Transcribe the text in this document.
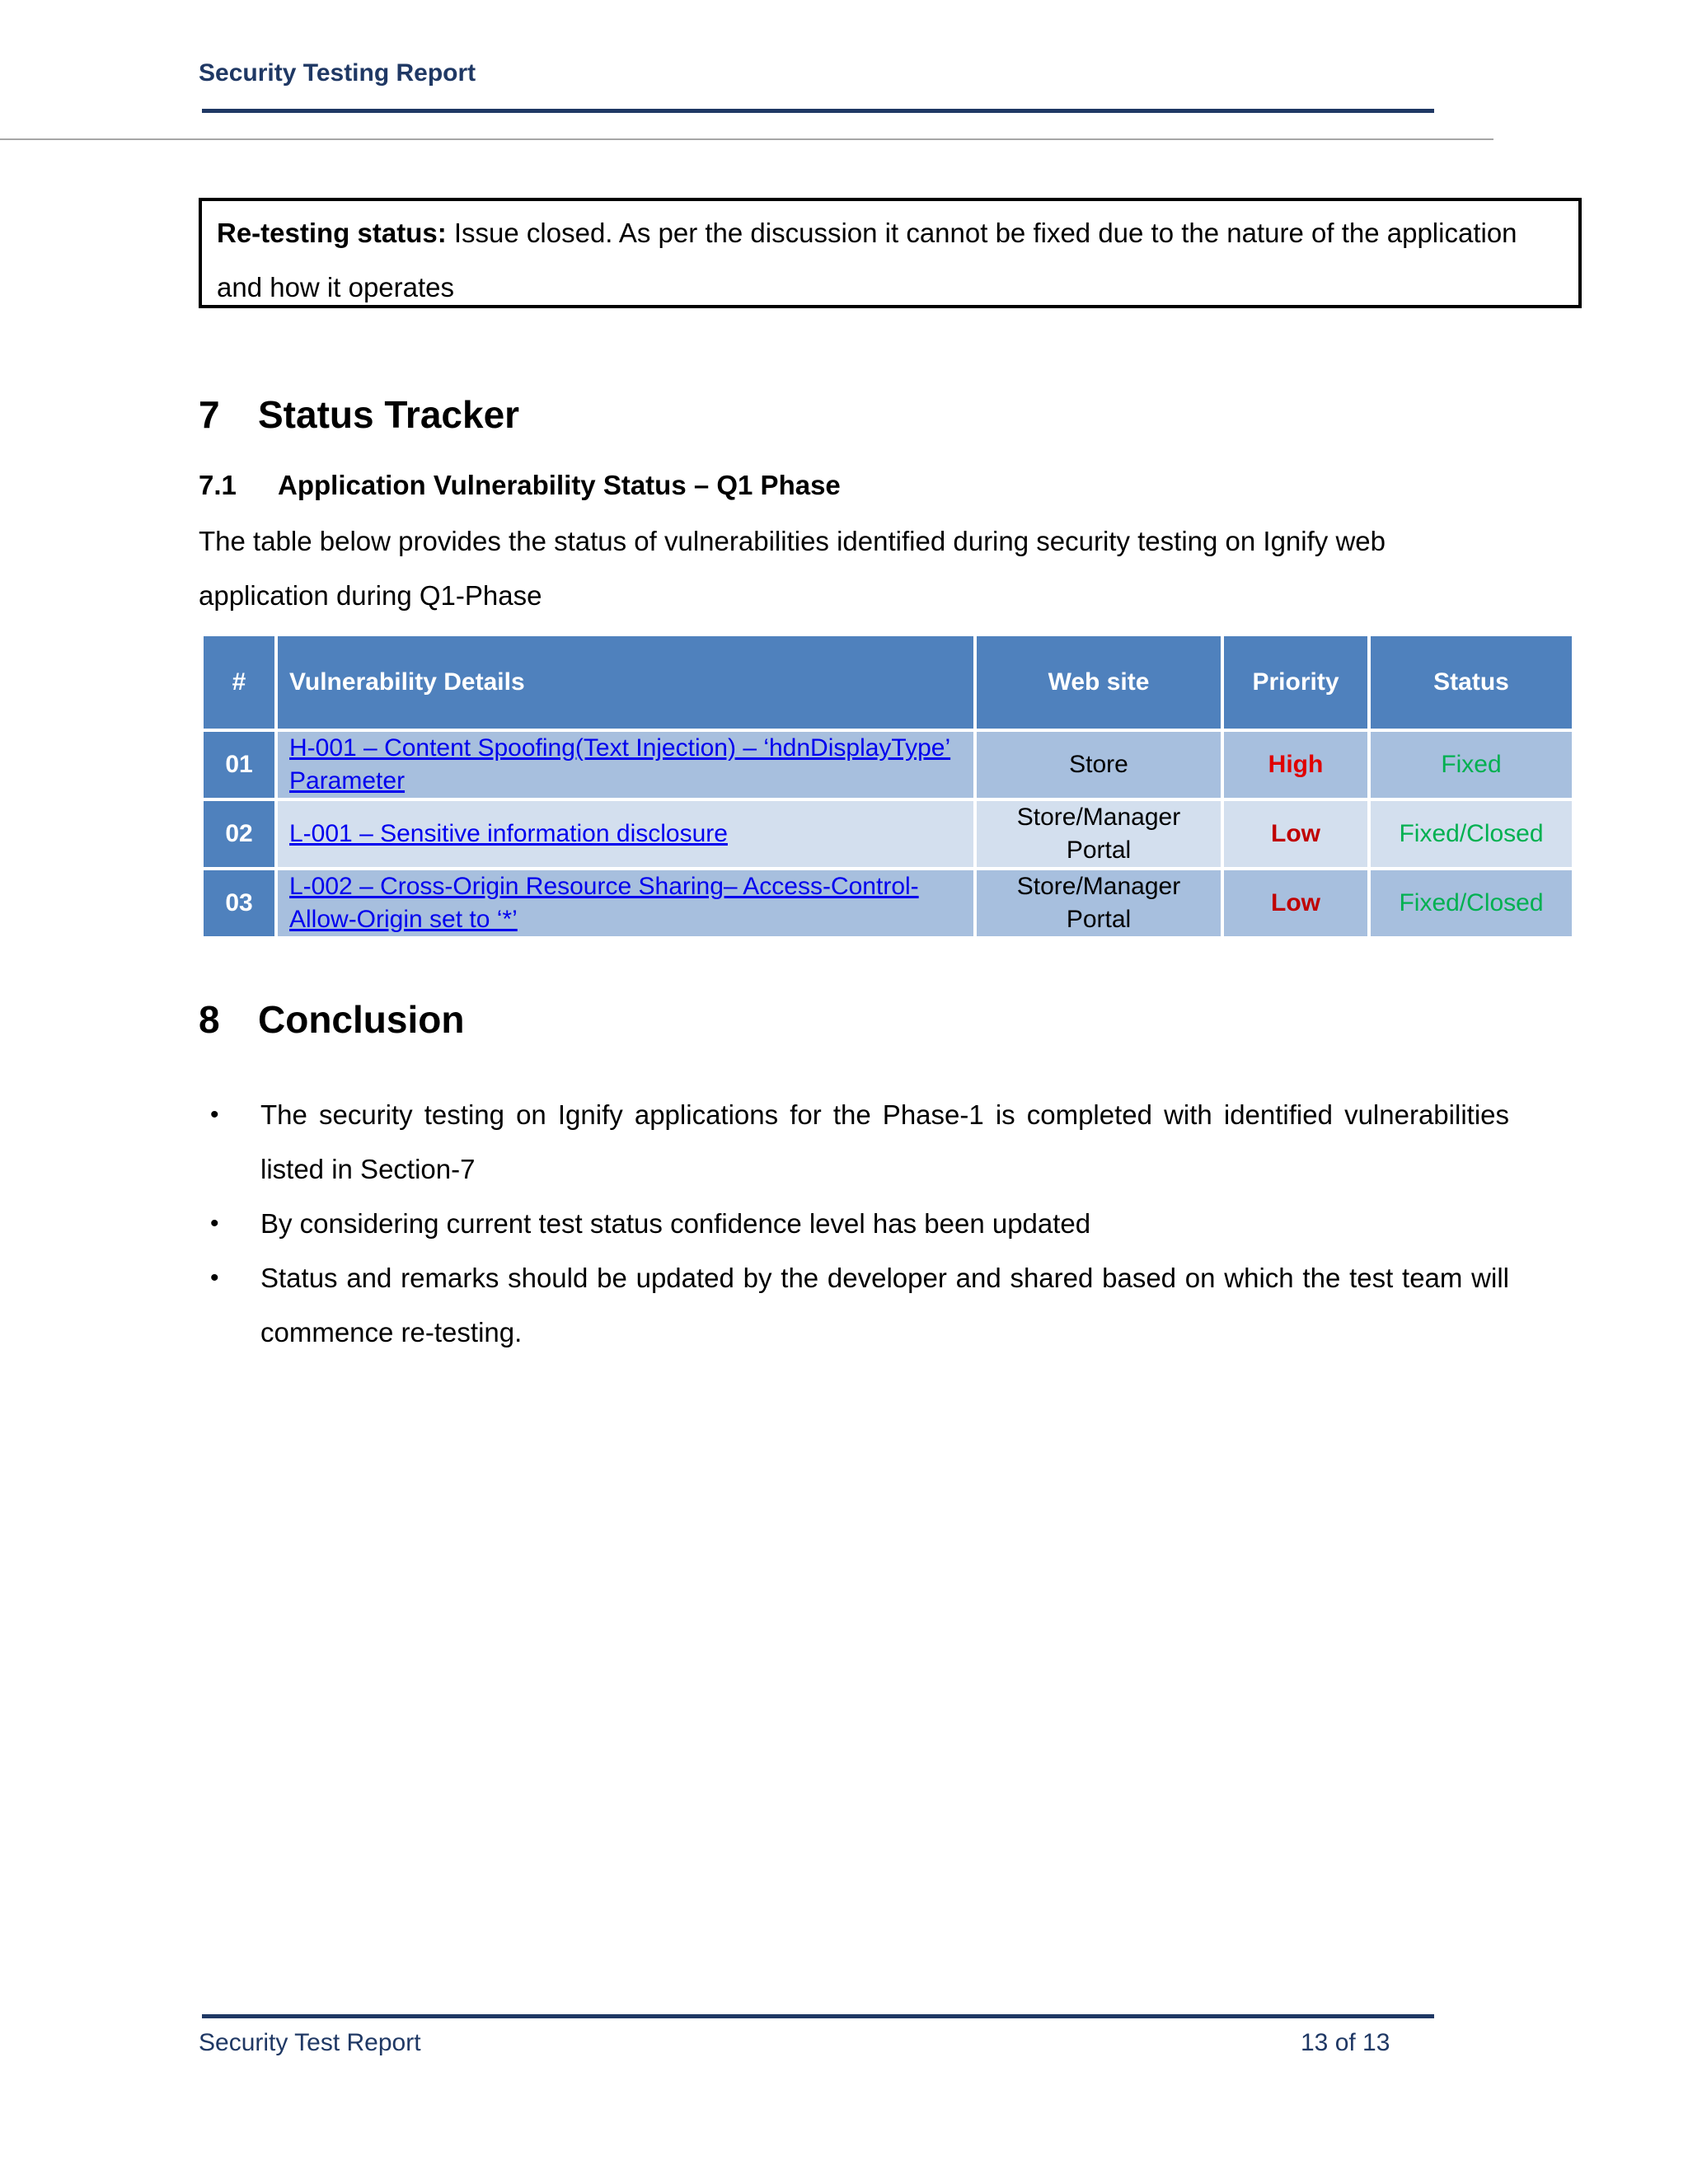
Security Testing Report
Re-testing status: Issue closed. As per the discussion it cannot be fixed due to the nature of the application and how it operates
7 Status Tracker
7.1 Application Vulnerability Status – Q1 Phase
The table below provides the status of vulnerabilities identified during security testing on Ignify web application during Q1-Phase
#	Vulnerability Details	Web site	Priority	Status
01	H-001 – Content Spoofing(Text Injection) – ‘hdnDisplayType’ Parameter	Store	High	Fixed
02	L-001 – Sensitive information disclosure	Store/Manager Portal	Low	Fixed/Closed
03	L-002 – Cross-Origin Resource Sharing– Access-Control-Allow-Origin set to ‘*’	Store/Manager Portal	Low	Fixed/Closed
8 Conclusion
• The security testing on Ignify applications for the Phase-1 is completed with identified vulnerabilities listed in Section-7
• By considering current test status confidence level has been updated
• Status and remarks should be updated by the developer and shared based on which the test team will commence re-testing.
Security Test Report	13 of 13
